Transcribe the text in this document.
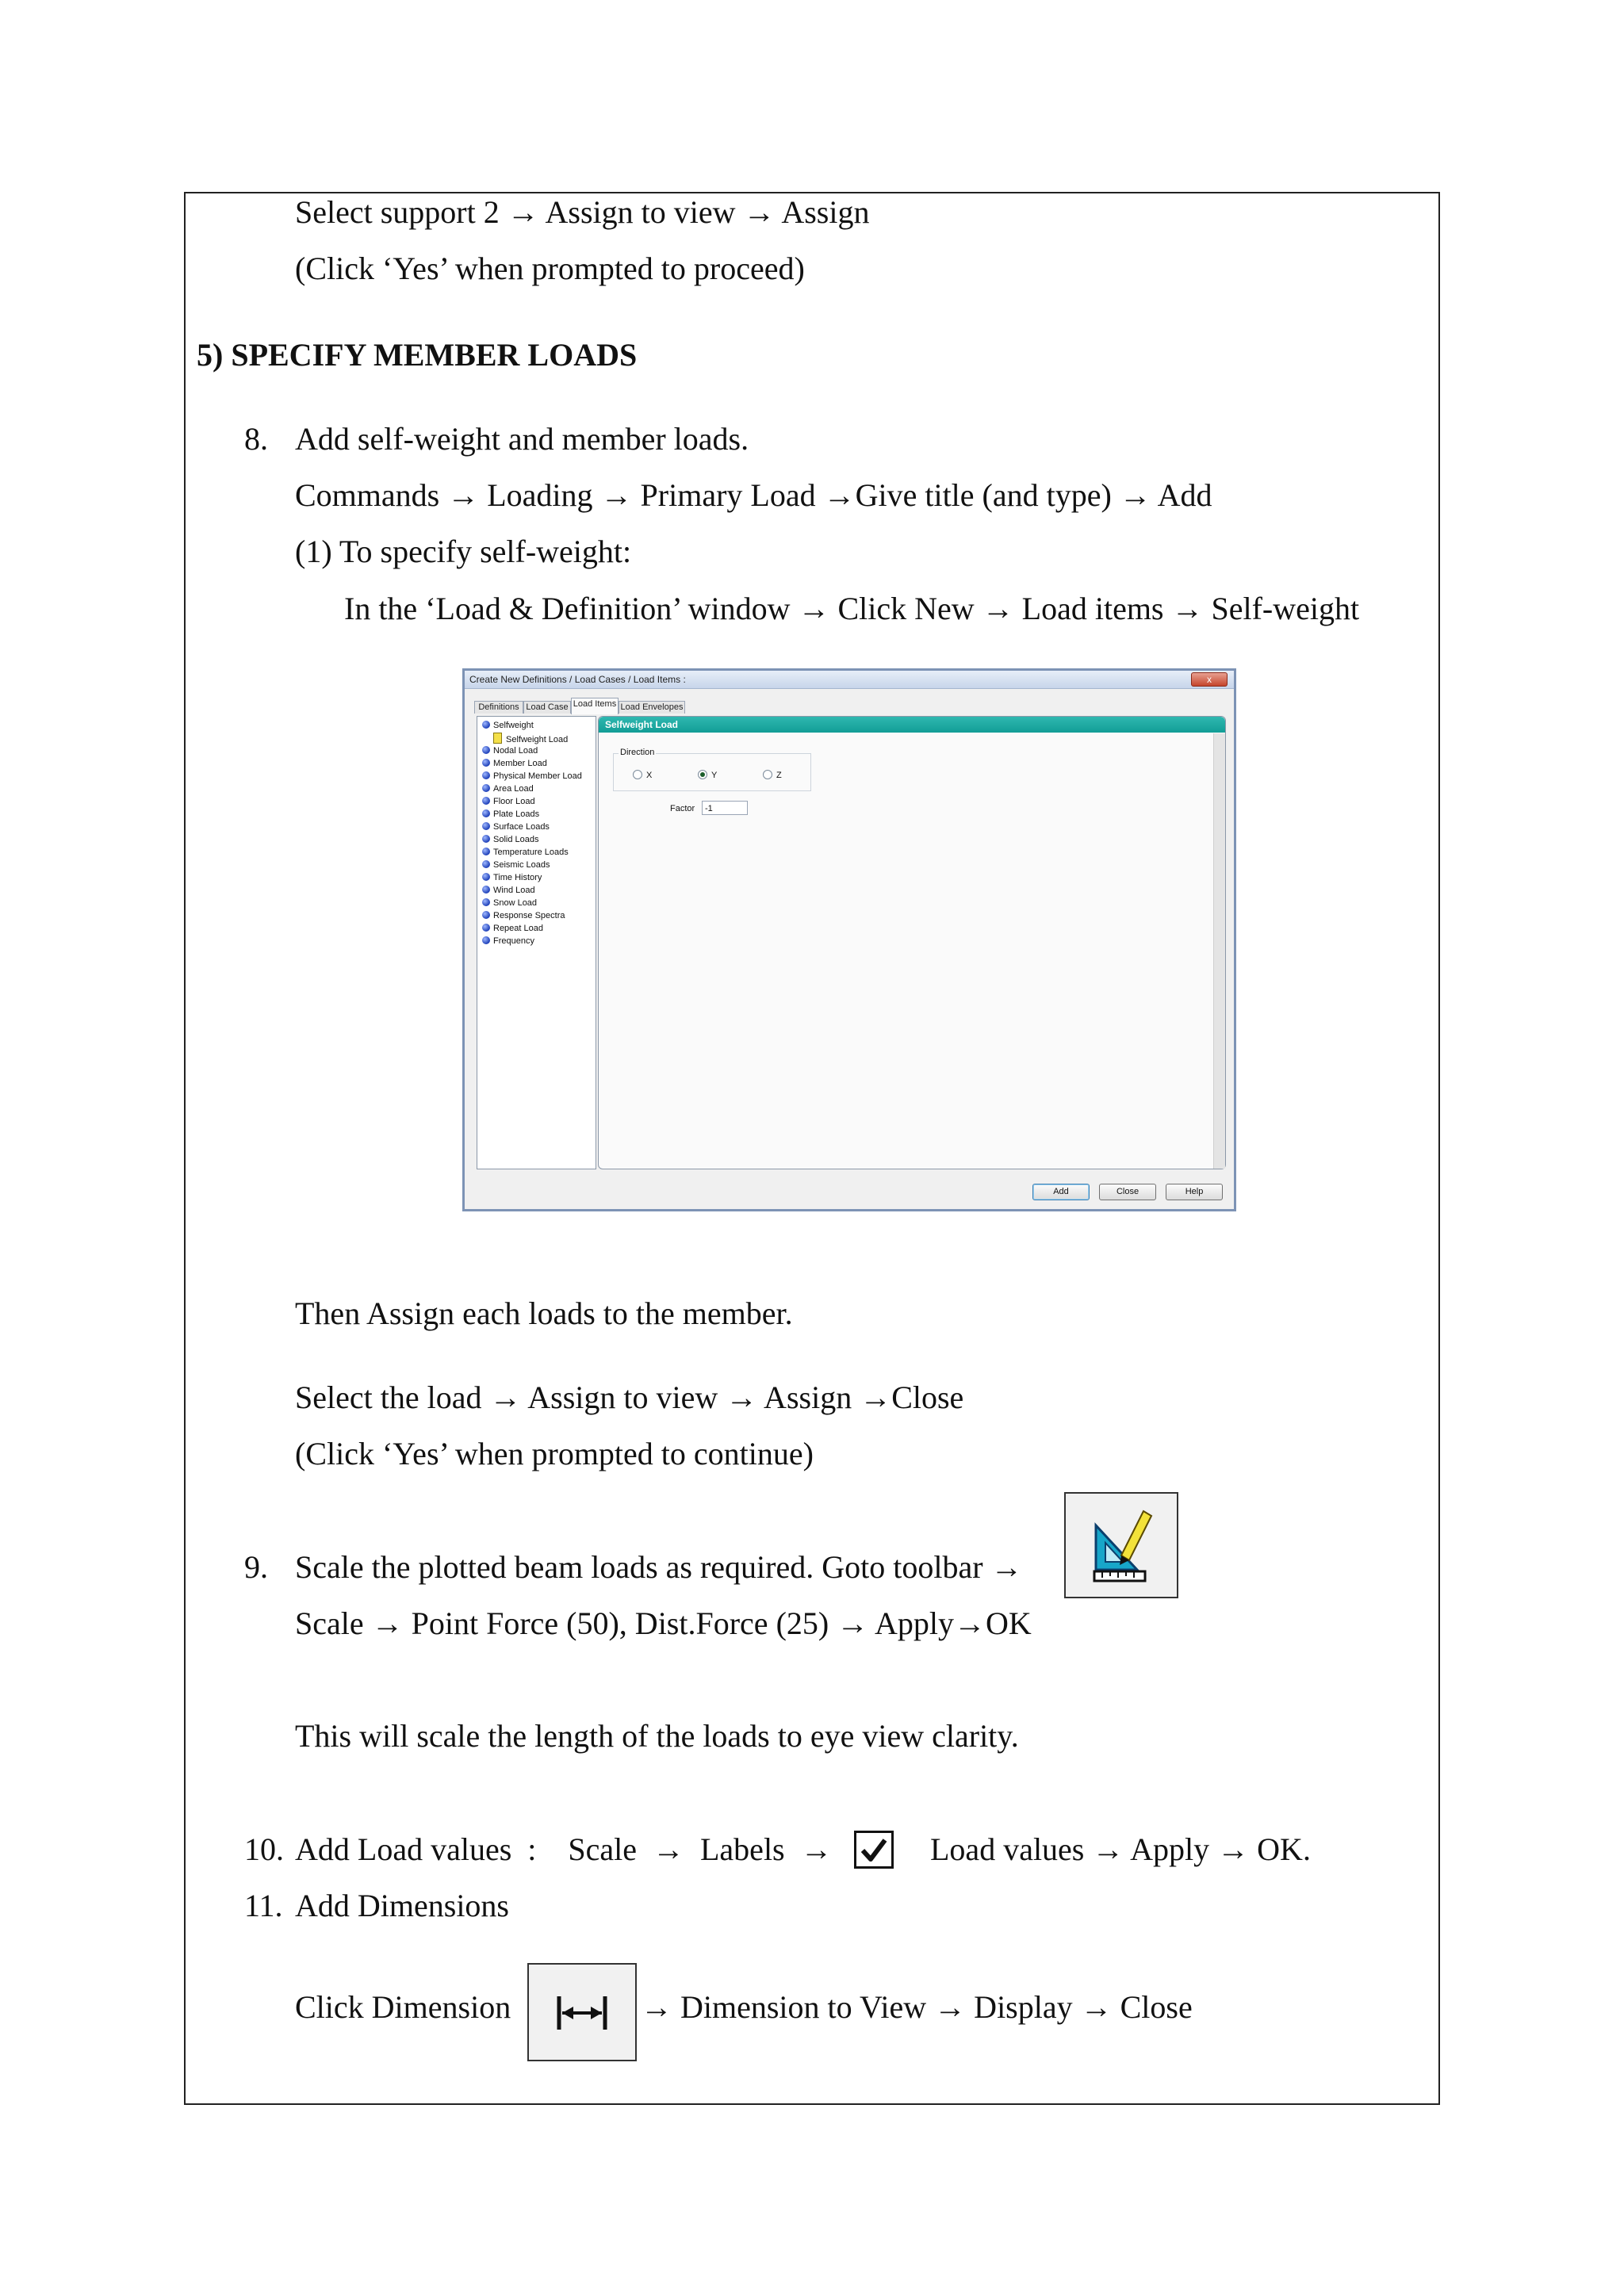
Select support 2 → Assign to view → Assign
(Click ‘Yes’ when prompted to proceed)
5) SPECIFY MEMBER LOADS
8. Add self-weight and member loads.
Commands → Loading → Primary Load →Give title (and type) → Add
(1) To specify self-weight:
In the ‘Load & Definition’ window → Click New → Load items → Self-weight
Create New Definitions / Load Cases / Load Items :	x
Definitions Load Case Load Items Load Envelopes
Selfweight
Selfweight Load
Nodal Load
Member Load
Physical Member Load
Area Load
Floor Load
Plate Loads
Surface Loads
Solid Loads
Temperature Loads
Seismic Loads
Time History
Wind Load
Snow Load
Response Spectra
Repeat Load
Frequency
Selfweight Load
Direction
X	Y	Z
Factor	-1
Add	Close	Help
Then Assign each loads to the member.
Select the load → Assign to view → Assign →Close
(Click ‘Yes’ when prompted to continue)
9. Scale the plotted beam loads as required. Goto toolbar →
Scale → Point Force (50), Dist.Force (25) → Apply→OK
This will scale the length of the loads to eye view clarity.
10. Add Load values  :    Scale  →  Labels  →	Load values → Apply → OK.
11. Add Dimensions
Click Dimension	→ Dimension to View → Display → Close
